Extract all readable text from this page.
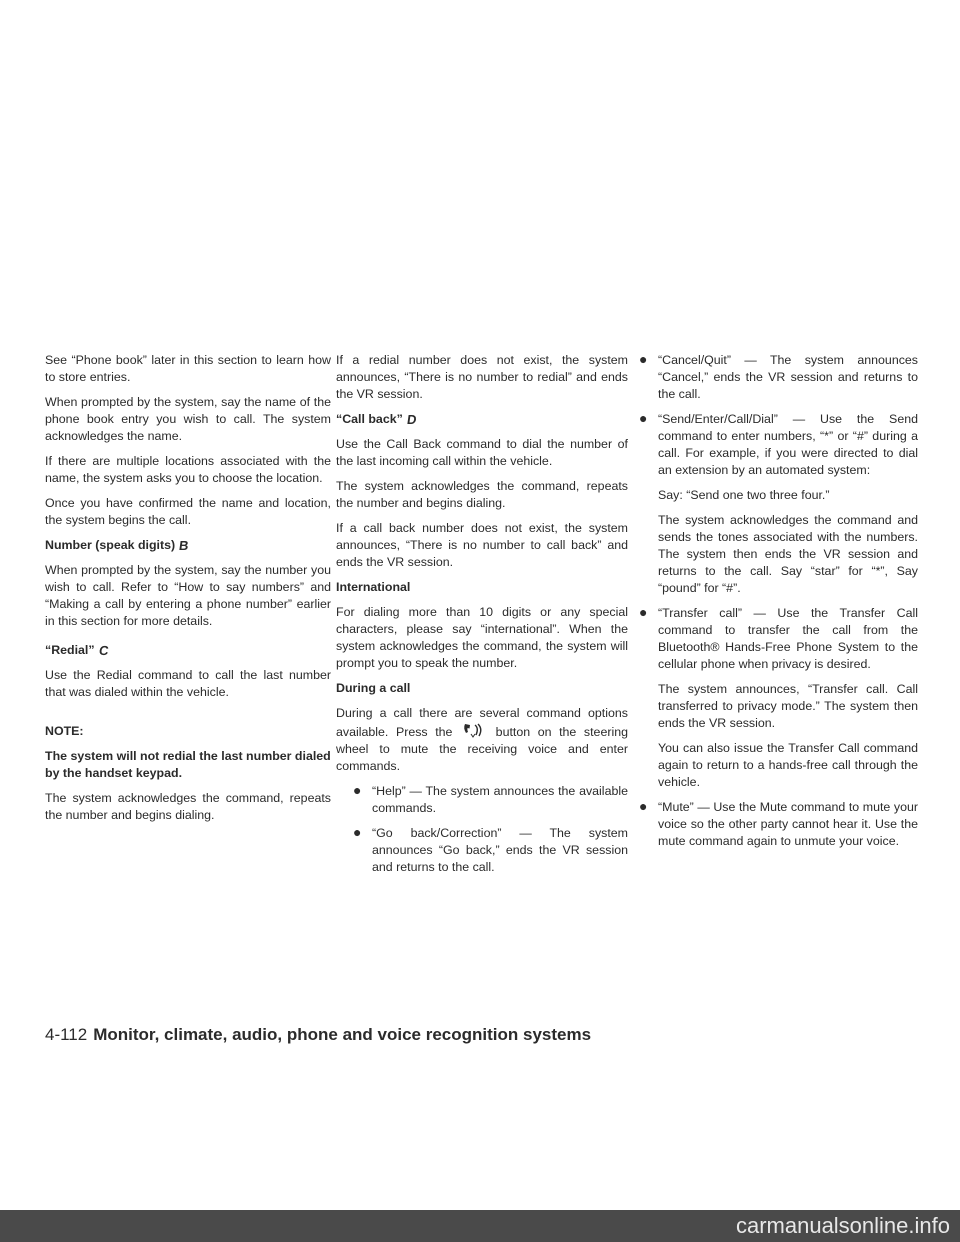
See “Phone book” later in this section to learn how to store entries.

When prompted by the system, say the name of the phone book entry you wish to call. The system acknowledges the name.

If there are multiple locations associated with the name, the system asks you to choose the location.

Once you have confirmed the name and location, the system begins the call.

Number (speak digits) B

When prompted by the system, say the number you wish to call. Refer to “How to say numbers” and “Making a call by entering a phone number” earlier in this section for more details.

“Redial” C

Use the Redial command to call the last number that was dialed within the vehicle.

NOTE:

The system will not redial the last number dialed by the handset keypad.

The system acknowledges the command, repeats the number and begins dialing.

If a redial number does not exist, the system announces, “There is no number to redial” and ends the VR session.

“Call back” D

Use the Call Back command to dial the number of the last incoming call within the vehicle.

The system acknowledges the command, repeats the number and begins dialing.

If a call back number does not exist, the system announces, “There is no number to call back” and ends the VR session.

International

For dialing more than 10 digits or any special characters, please say “international”. When the system acknowledges the command, the system will prompt you to speak the number.

During a call

During a call there are several command options available. Press the	button on the steering wheel to mute the receiving voice and enter commands.

● “Help” — The system announces the available commands.
● “Go back/Correction” — The system announces “Go back,” ends the VR session and returns to the call.
● “Cancel/Quit” — The system announces “Cancel,” ends the VR session and returns to the call.
● “Send/Enter/Call/Dial” — Use the Send command to enter numbers, “*” or “#” during a call. For example, if you were directed to dial an extension by an automated system:
Say: “Send one two three four.”
The system acknowledges the command and sends the tones associated with the numbers. The system then ends the VR session and returns to the call. Say “star” for “*”, Say “pound” for “#”.
● “Transfer call” — Use the Transfer Call command to transfer the call from the Bluetooth® Hands-Free Phone System to the cellular phone when privacy is desired.
The system announces, “Transfer call. Call transferred to privacy mode.” The system then ends the VR session.
You can also issue the Transfer Call command again to return to a hands-free call through the vehicle.
● “Mute” — Use the Mute command to mute your voice so the other party cannot hear it. Use the mute command again to unmute your voice.
4-112 Monitor, climate, audio, phone and voice recognition systems
carmanualsonline.info
